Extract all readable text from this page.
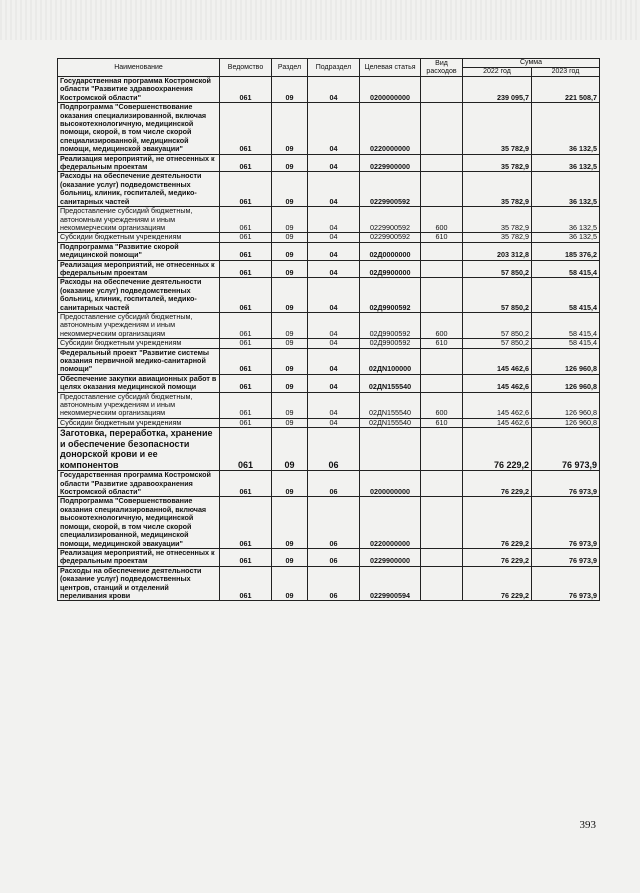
Наименование	Ведомство	Раздел	Подраздел	Целевая статья	Вид расходов	Сумма	
						2022 год	2023 год
Государственная программа Костромской области "Развитие здравоохранения Костромской области"	061	09	04	0200000000		239 095,7	221 508,7
Подпрограмма "Совершенствование оказания специализированной, включая высокотехнологичную, медицинской помощи, скорой, в том числе скорой специализированной, медицинской помощи, медицинской эвакуации"	061	09	04	0220000000		35 782,9	36 132,5
Реализация мероприятий, не отнесенных к федеральным проектам	061	09	04	0229900000		35 782,9	36 132,5
Расходы на обеспечение деятельности (оказание услуг) подведомственных больниц, клиник, госпиталей, медико-санитарных частей	061	09	04	0229900592		35 782,9	36 132,5
Предоставление субсидий бюджетным, автономным учреждениям и иным некоммерческим организациям	061	09	04	0229900592	600	35 782,9	36 132,5
Субсидии бюджетным учреждениям	061	09	04	0229900592	610	35 782,9	36 132,5
Подпрограмма "Развитие скорой медицинской помощи"	061	09	04	02Д0000000		203 312,8	185 376,2
Реализация мероприятий, не отнесенных к федеральным проектам	061	09	04	02Д9900000		57 850,2	58 415,4
Расходы на обеспечение деятельности (оказание услуг) подведомственных больниц, клиник, госпиталей, медико-санитарных частей	061	09	04	02Д9900592		57 850,2	58 415,4
Предоставление субсидий бюджетным, автономным учреждениям и иным некоммерческим организациям	061	09	04	02Д9900592	600	57 850,2	58 415,4
Субсидии бюджетным учреждениям	061	09	04	02Д9900592	610	57 850,2	58 415,4
Федеральный проект "Развитие системы оказания первичной медико-санитарной помощи"	061	09	04	02ДN100000		145 462,6	126 960,8
Обеспечение закупки авиационных работ в целях оказания медицинской помощи	061	09	04	02ДN155540		145 462,6	126 960,8
Предоставление субсидий бюджетным, автономным учреждениям и иным некоммерческим организациям	061	09	04	02ДN155540	600	145 462,6	126 960,8
Субсидии бюджетным учреждениям	061	09	04	02ДN155540	610	145 462,6	126 960,8
Заготовка, переработка, хранение и обеспечение безопасности донорской крови и ее компонентов	061	09	06			76 229,2	76 973,9
Государственная программа Костромской области "Развитие здравоохранения Костромской области"	061	09	06	0200000000		76 229,2	76 973,9
Подпрограмма "Совершенствование оказания специализированной, включая высокотехнологичную, медицинской помощи, скорой, в том числе скорой специализированной, медицинской помощи, медицинской эвакуации"	061	09	06	0220000000		76 229,2	76 973,9
Реализация мероприятий, не отнесенных к федеральным проектам	061	09	06	0229900000		76 229,2	76 973,9
Расходы на обеспечение деятельности (оказание услуг) подведомственных центров, станций и отделений переливания крови	061	09	06	0229900594		76 229,2	76 973,9
393
